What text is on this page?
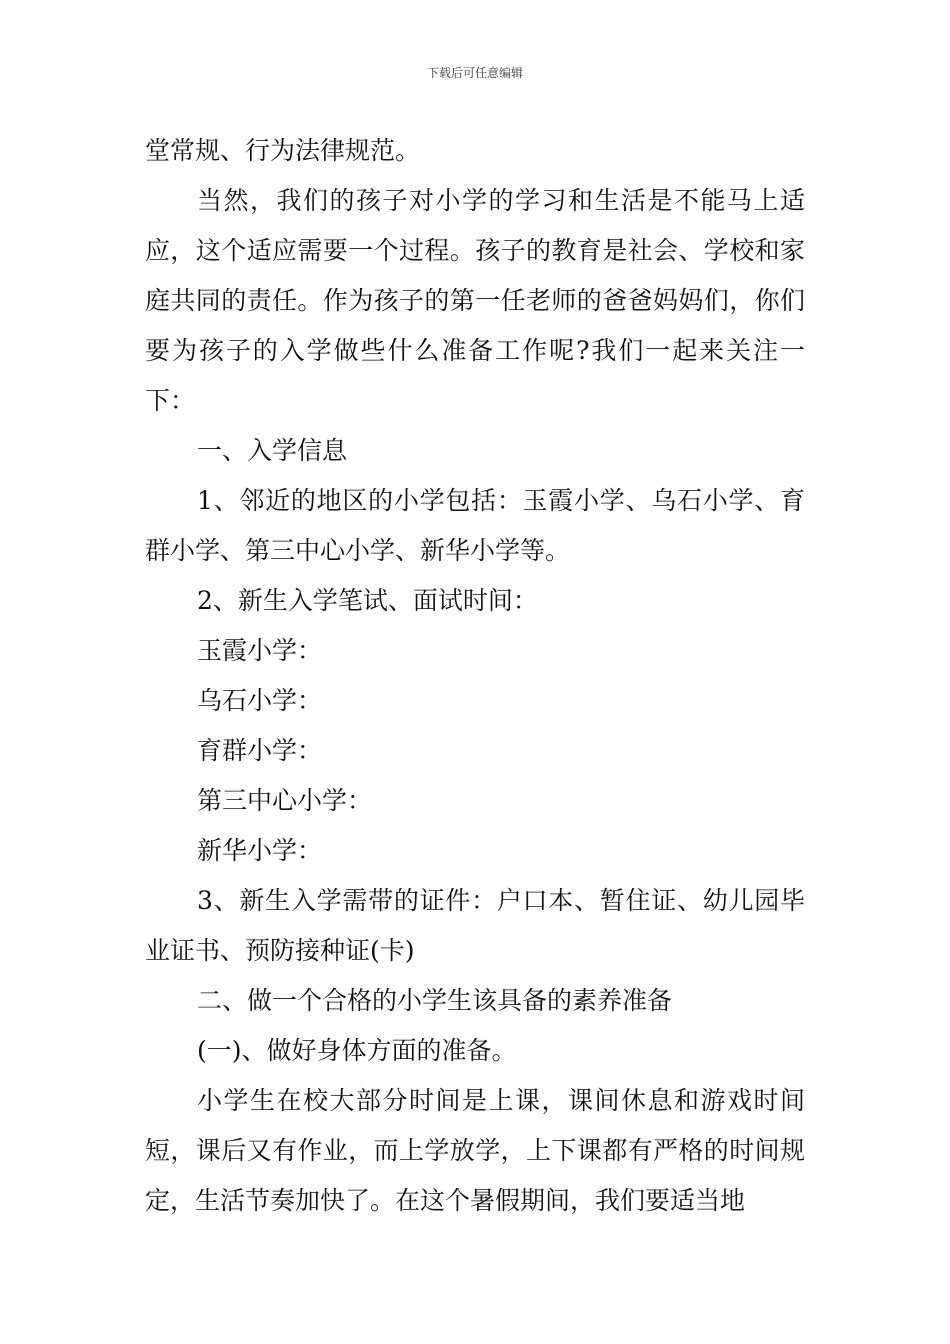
下载后可任意编辑

堂常规、行为法律规范。

当然，我们的孩子对小学的学习和生活是不能马上适应，这个适应需要一个过程。孩子的教育是社会、学校和家庭共同的责任。作为孩子的第一任老师的爸爸妈妈们，你们要为孩子的入学做些什么准备工作呢?我们一起来关注一下：

一、入学信息

1、邻近的地区的小学包括：玉霞小学、乌石小学、育群小学、第三中心小学、新华小学等。

2、新生入学笔试、面试时间：

玉霞小学：

乌石小学：

育群小学：

第三中心小学：

新华小学：

3、新生入学需带的证件：户口本、暂住证、幼儿园毕业证书、预防接种证(卡)

二、做一个合格的小学生该具备的素养准备

(一)、做好身体方面的准备。

小学生在校大部分时间是上课，课间休息和游戏时间短，课后又有作业，而上学放学，上下课都有严格的时间规定，生活节奏加快了。在这个暑假期间，我们要适当地
